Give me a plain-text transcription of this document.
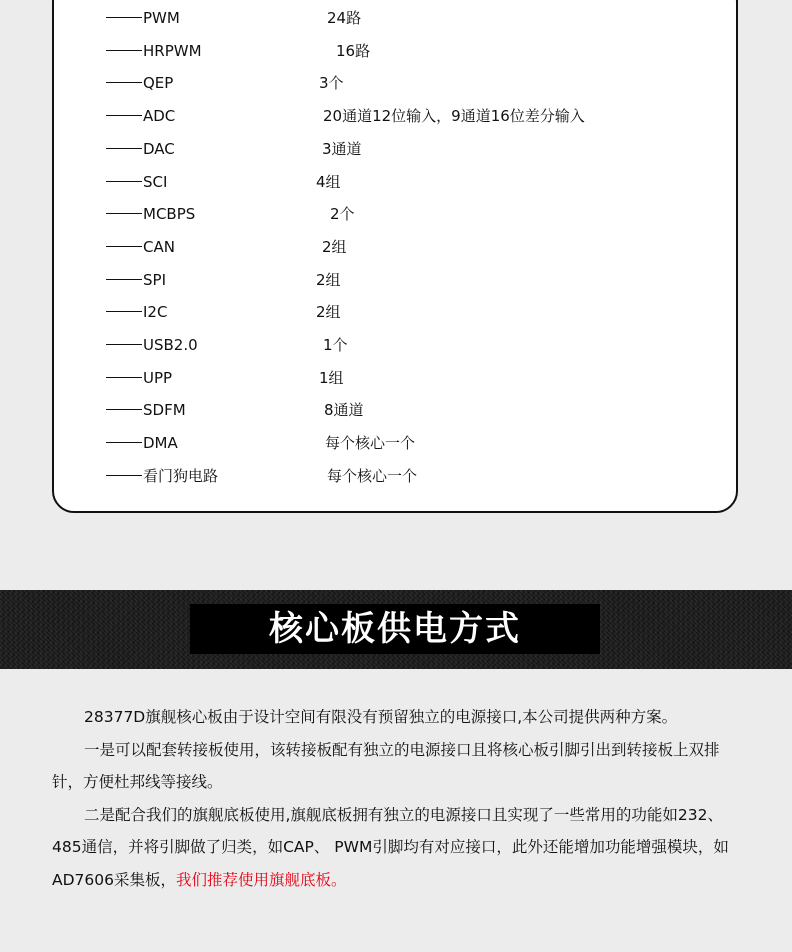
PWM	24路
HRPWM	16路
QEP	3个
ADC	20通道12位输入，9通道16位差分输入
DAC	3通道
SCI	4组
MCBPS	2个
CAN	2组
SPI	2组
I2C	2组
USB2.0	1个
UPP	1组
SDFM	8通道
DMA	每个核心一个
看门狗电路	每个核心一个
核心板供电方式

28377D旗舰核心板由于设计空间有限没有预留独立的电源接口,本公司提供两种方案。

一是可以配套转接板使用，该转接板配有独立的电源接口且将核心板引脚引出到转接板上双排针，方便杜邦线等接线。

二是配合我们的旗舰底板使用,旗舰底板拥有独立的电源接口且实现了一些常用的功能如232、485通信，并将引脚做了归类，如CAP、 PWM引脚均有对应接口，此外还能增加功能增强模块，如AD7606采集板，我们推荐使用旗舰底板。
